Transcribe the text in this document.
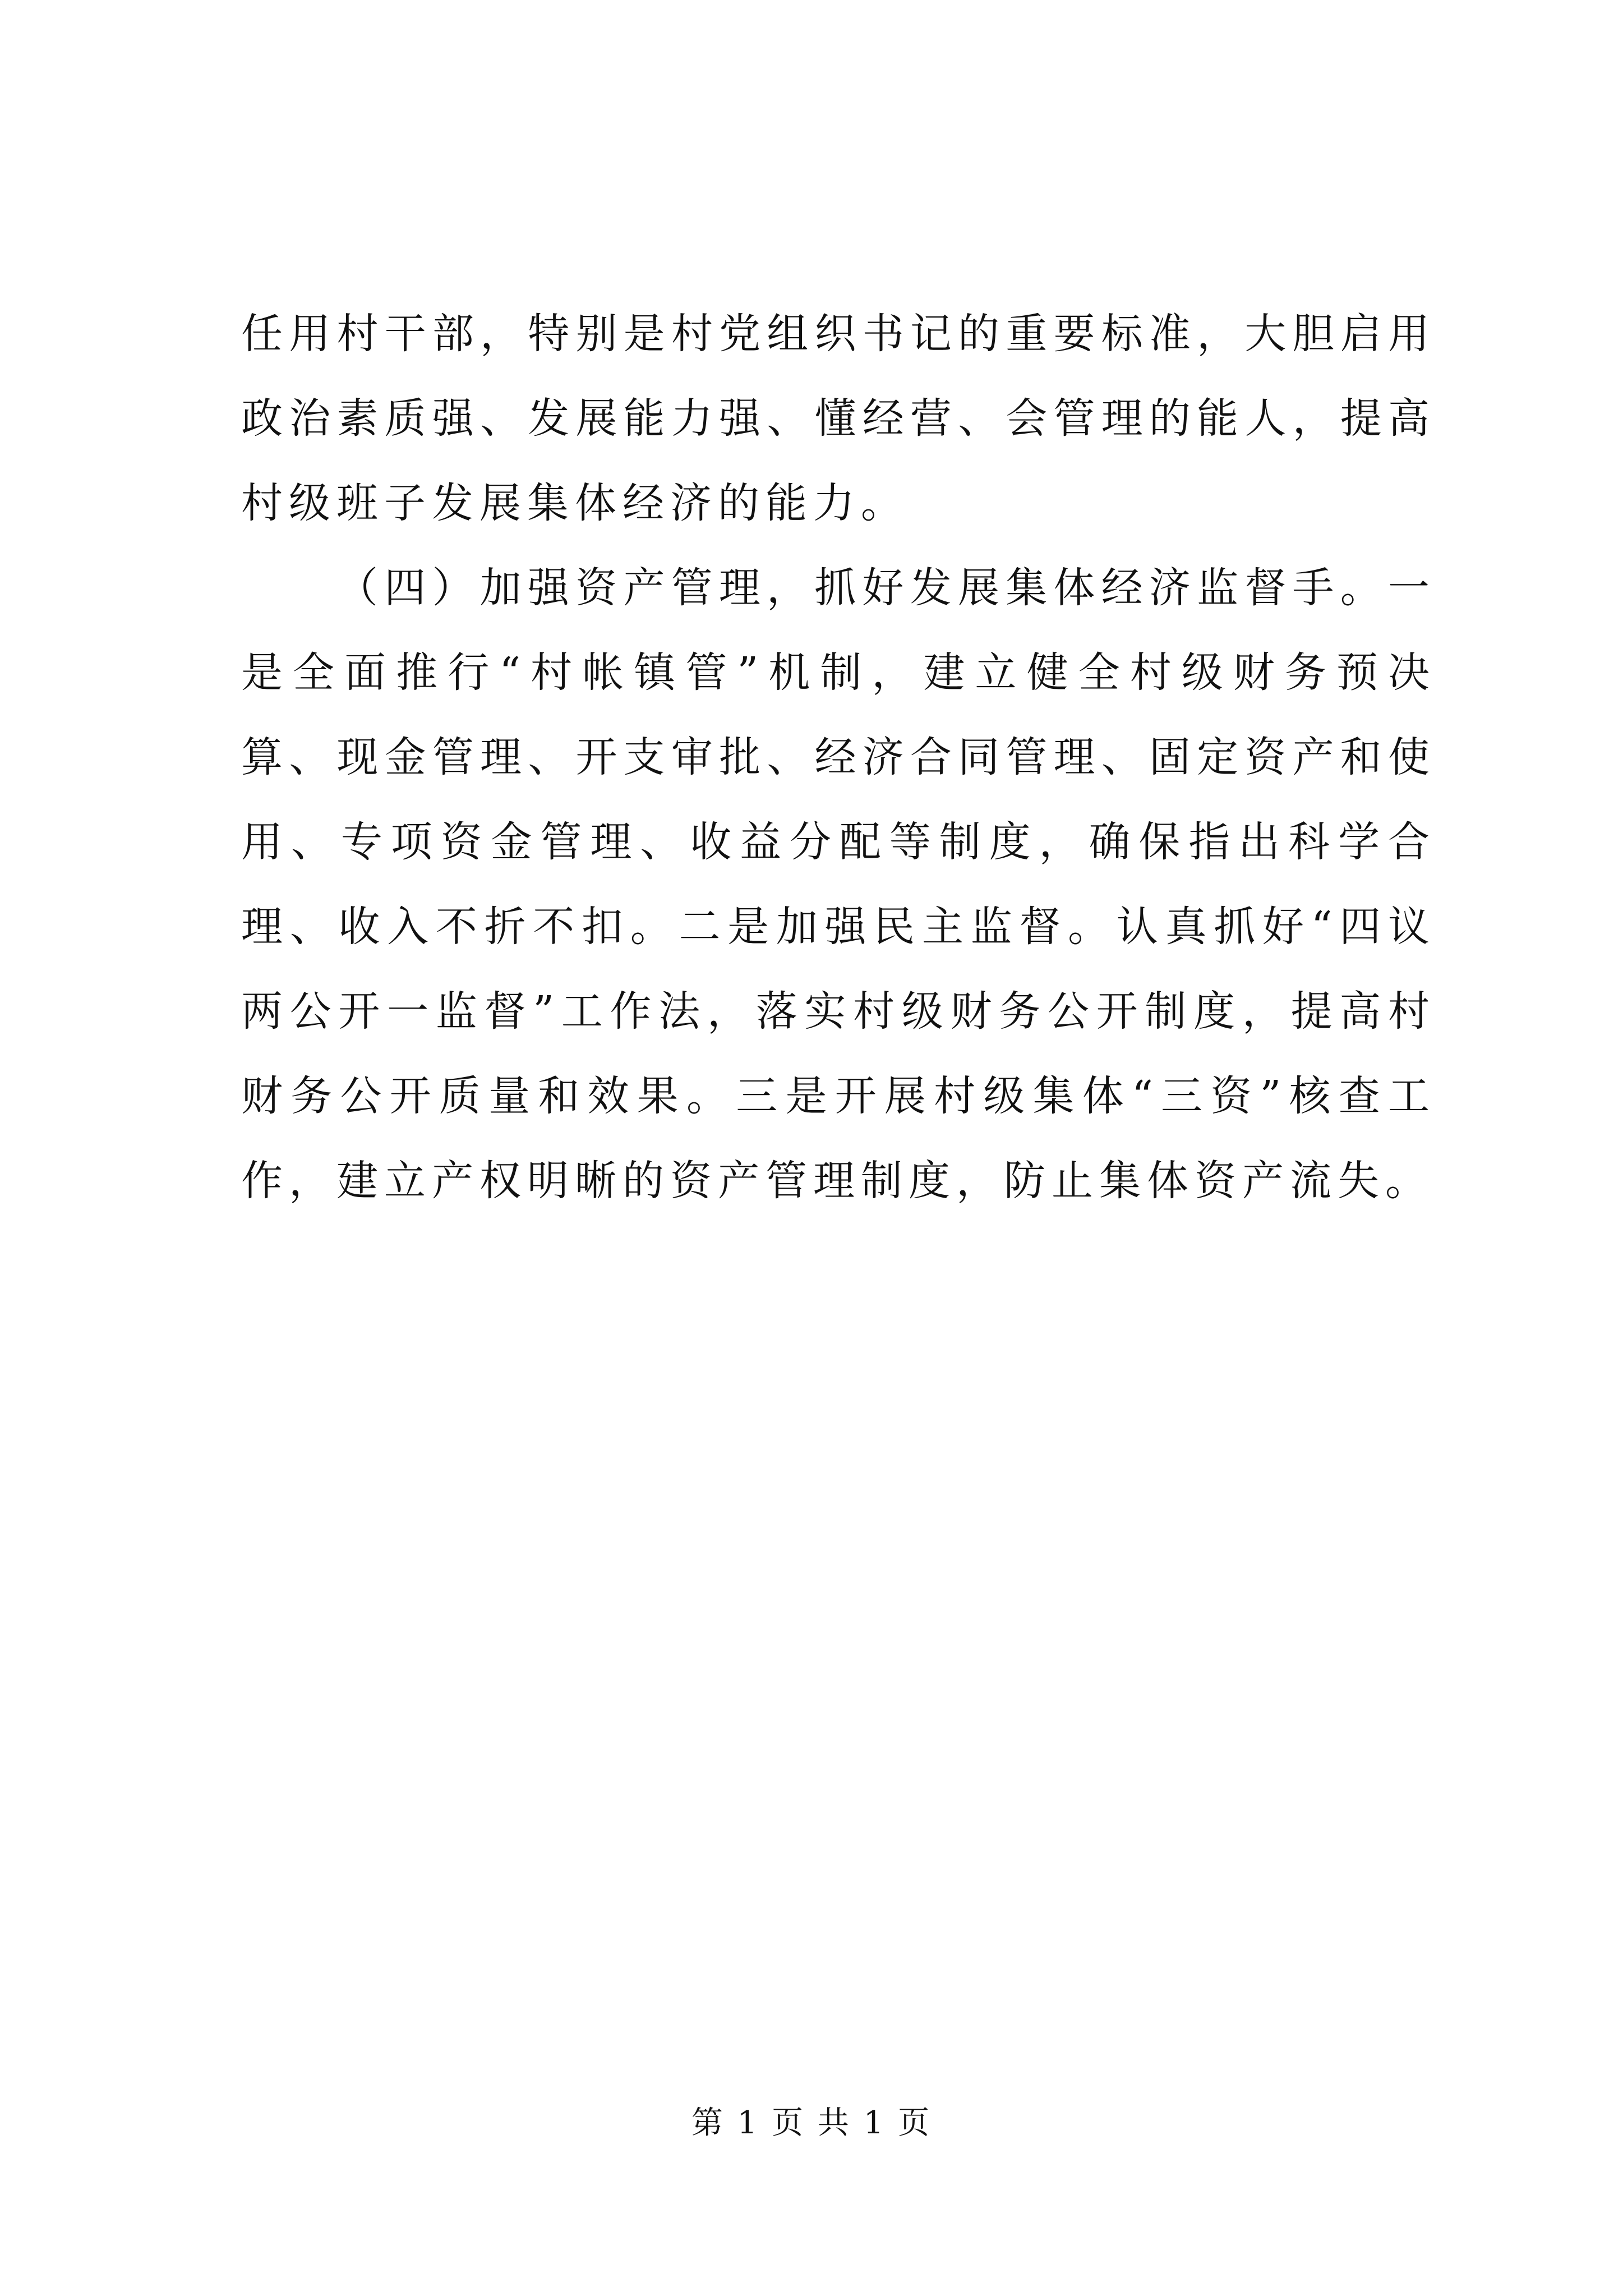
任用村干部，特别是村党组织书记的重要标准，大胆启用政治素质强、发展能力强、懂经营、会管理的能人，提高村级班子发展集体经济的能力。

（四）加强资产管理，抓好发展集体经济监督手。一是全面推行“村帐镇管”机制，建立健全村级财务预决算、现金管理、开支审批、经济合同管理、固定资产和使用、专项资金管理、收益分配等制度，确保指出科学合理、收入不折不扣。二是加强民主监督。认真抓好“四议两公开一监督”工作法，落实村级财务公开制度，提高村财务公开质量和效果。三是开展村级集体“三资”核查工作，建立产权明晰的资产管理制度，防止集体资产流失。

第 1 页 共 1 页
